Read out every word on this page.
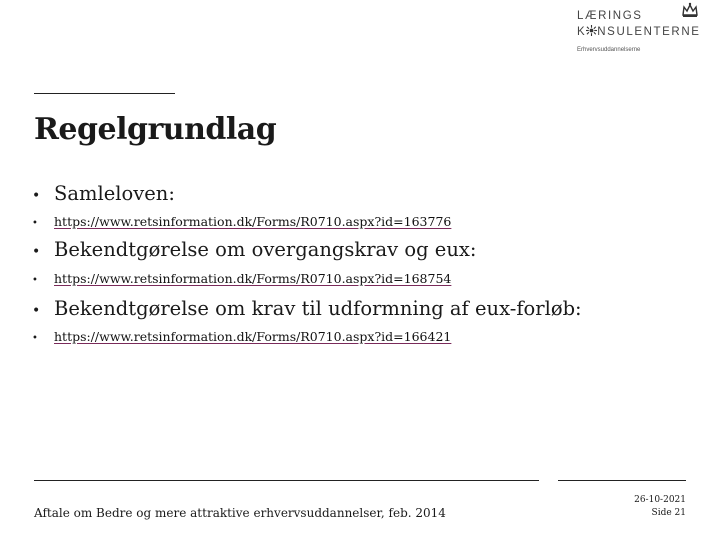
LÆRINGS
K NSULENTERNE
Erhvervsuddannelserne
Regelgrundlag
• Samleloven:
•	https://www.retsinformation.dk/Forms/R0710.aspx?id=163776
• Bekendtgørelse om overgangskrav og eux:
•	https://www.retsinformation.dk/Forms/R0710.aspx?id=168754
• Bekendtgørelse om krav til udformning af eux-forløb:
•	https://www.retsinformation.dk/Forms/R0710.aspx?id=166421
Aftale om Bedre og mere attraktive erhvervsuddannelser, feb. 2014
26-10-2021
Side 21
